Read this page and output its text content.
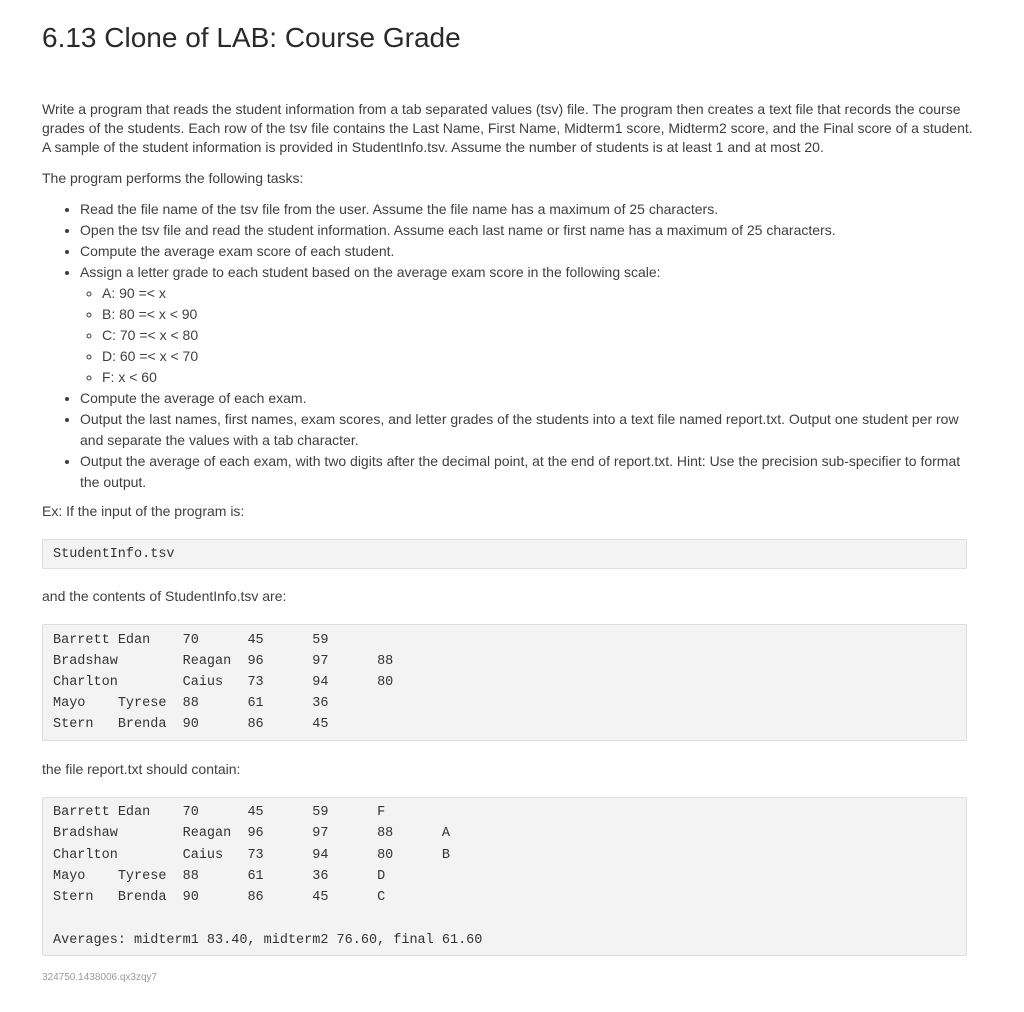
6.13 Clone of LAB: Course Grade

Write a program that reads the student information from a tab separated values (tsv) file. The program then creates a text file that records the course grades of the students. Each row of the tsv file contains the Last Name, First Name, Midterm1 score, Midterm2 score, and the Final score of a student. A sample of the student information is provided in StudentInfo.tsv. Assume the number of students is at least 1 and at most 20.

The program performs the following tasks:

• Read the file name of the tsv file from the user. Assume the file name has a maximum of 25 characters.
• Open the tsv file and read the student information. Assume each last name or first name has a maximum of 25 characters.
• Compute the average exam score of each student.
• Assign a letter grade to each student based on the average exam score in the following scale:
◦ A: 90 =< x
◦ B: 80 =< x < 90
◦ C: 70 =< x < 80
◦ D: 60 =< x < 70
◦ F: x < 60
• Compute the average of each exam.
• Output the last names, first names, exam scores, and letter grades of the students into a text file named report.txt. Output one student per row and separate the values with a tab character.
• Output the average of each exam, with two digits after the decimal point, at the end of report.txt. Hint: Use the precision sub-specifier to format the output.

Ex: If the input of the program is:

StudentInfo.tsv

and the contents of StudentInfo.tsv are:

Barrett	Edan	70	45	59
Bradshaw	Reagan	96	97	88
Charlton	Caius	73	94	80
Mayo	Tyrese	88	61	36
Stern	Brenda	90	86	45

the file report.txt should contain:

Barrett	Edan	70	45	59	F
Bradshaw	Reagan	96	97	88	A
Charlton	Caius	73	94	80	B
Mayo	Tyrese	88	61	36	D
Stern	Brenda	90	86	45	C

Averages: midterm1 83.40, midterm2 76.60, final 61.60
324750.1438006.qx3zqy7
